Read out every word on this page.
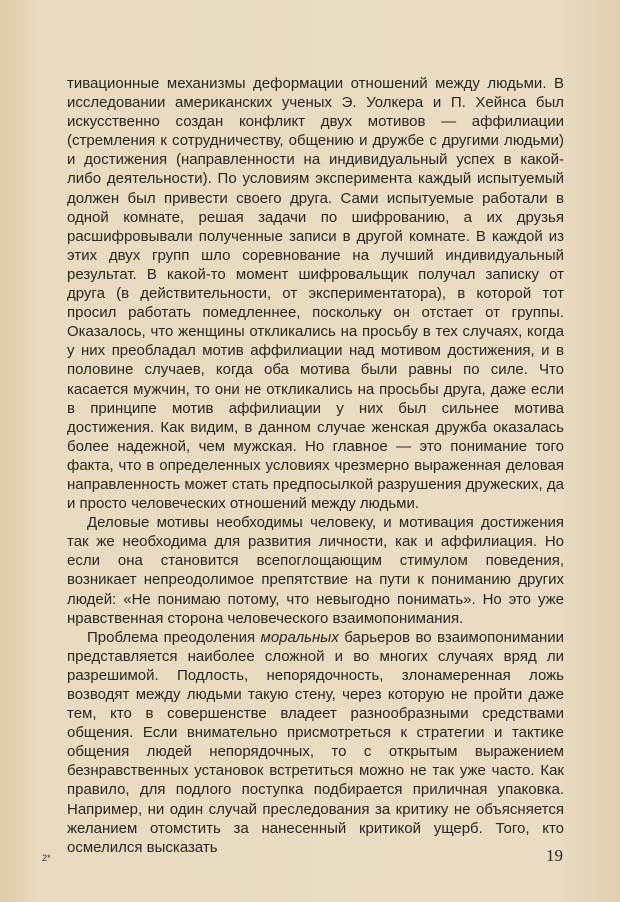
тивационные механизмы деформации отношений между людьми. В исследовании американских ученых Э. Уолкера и П. Хейнса был искусственно создан конфликт двух мотивов — аффилиации (стремления к сотрудничеству, общению и дружбе с другими людьми) и достижения (направленности на индивидуальный успех в какой-либо деятельности). По условиям эксперимента каждый испытуемый должен был привести своего друга. Сами испытуемые работали в одной комнате, решая задачи по шифрованию, а их друзья расшифровывали полученные записи в другой комнате. В каждой из этих двух групп шло соревнование на лучший индивидуальный результат. В какой-то момент шифровальщик получал записку от друга (в действительности, от экспериментатора), в которой тот просил работать помедленнее, поскольку он отстает от группы. Оказалось, что женщины откликались на просьбу в тех случаях, когда у них преобладал мотив аффилиации над мотивом достижения, и в половине случаев, когда оба мотива были равны по силе. Что касается мужчин, то они не откликались на просьбы друга, даже если в принципе мотив аффилиации у них был сильнее мотива достижения. Как видим, в данном случае женская дружба оказалась более надежной, чем мужская. Но главное — это понимание того факта, что в определенных условиях чрезмерно выраженная деловая направленность может стать предпосылкой разрушения дружеских, да и просто человеческих отношений между людьми.

Деловые мотивы необходимы человеку, и мотивация достижения так же необходима для развития личности, как и аффилиация. Но если она становится всепоглощающим стимулом поведения, возникает непреодолимое препятствие на пути к пониманию других людей: «Не понимаю потому, что невыгодно понимать». Но это уже нравственная сторона человеческого взаимопонимания.

Проблема преодоления моральных барьеров во взаимопонимании представляется наиболее сложной и во многих случаях вряд ли разрешимой. Подлость, непорядочность, злонамеренная ложь возводят между людьми такую стену, через которую не пройти даже тем, кто в совершенстве владеет разнообразными средствами общения. Если внимательно присмотреться к стратегии и тактике общения людей непорядочных, то с открытым выражением безнравственных установок встретиться можно не так уже часто. Как правило, для подлого поступка подбирается приличная упаковка. Например, ни один случай преследования за критику не объясняется желанием отомстить за нанесенный критикой ущерб. Того, кто осмелился высказать

2*	19
